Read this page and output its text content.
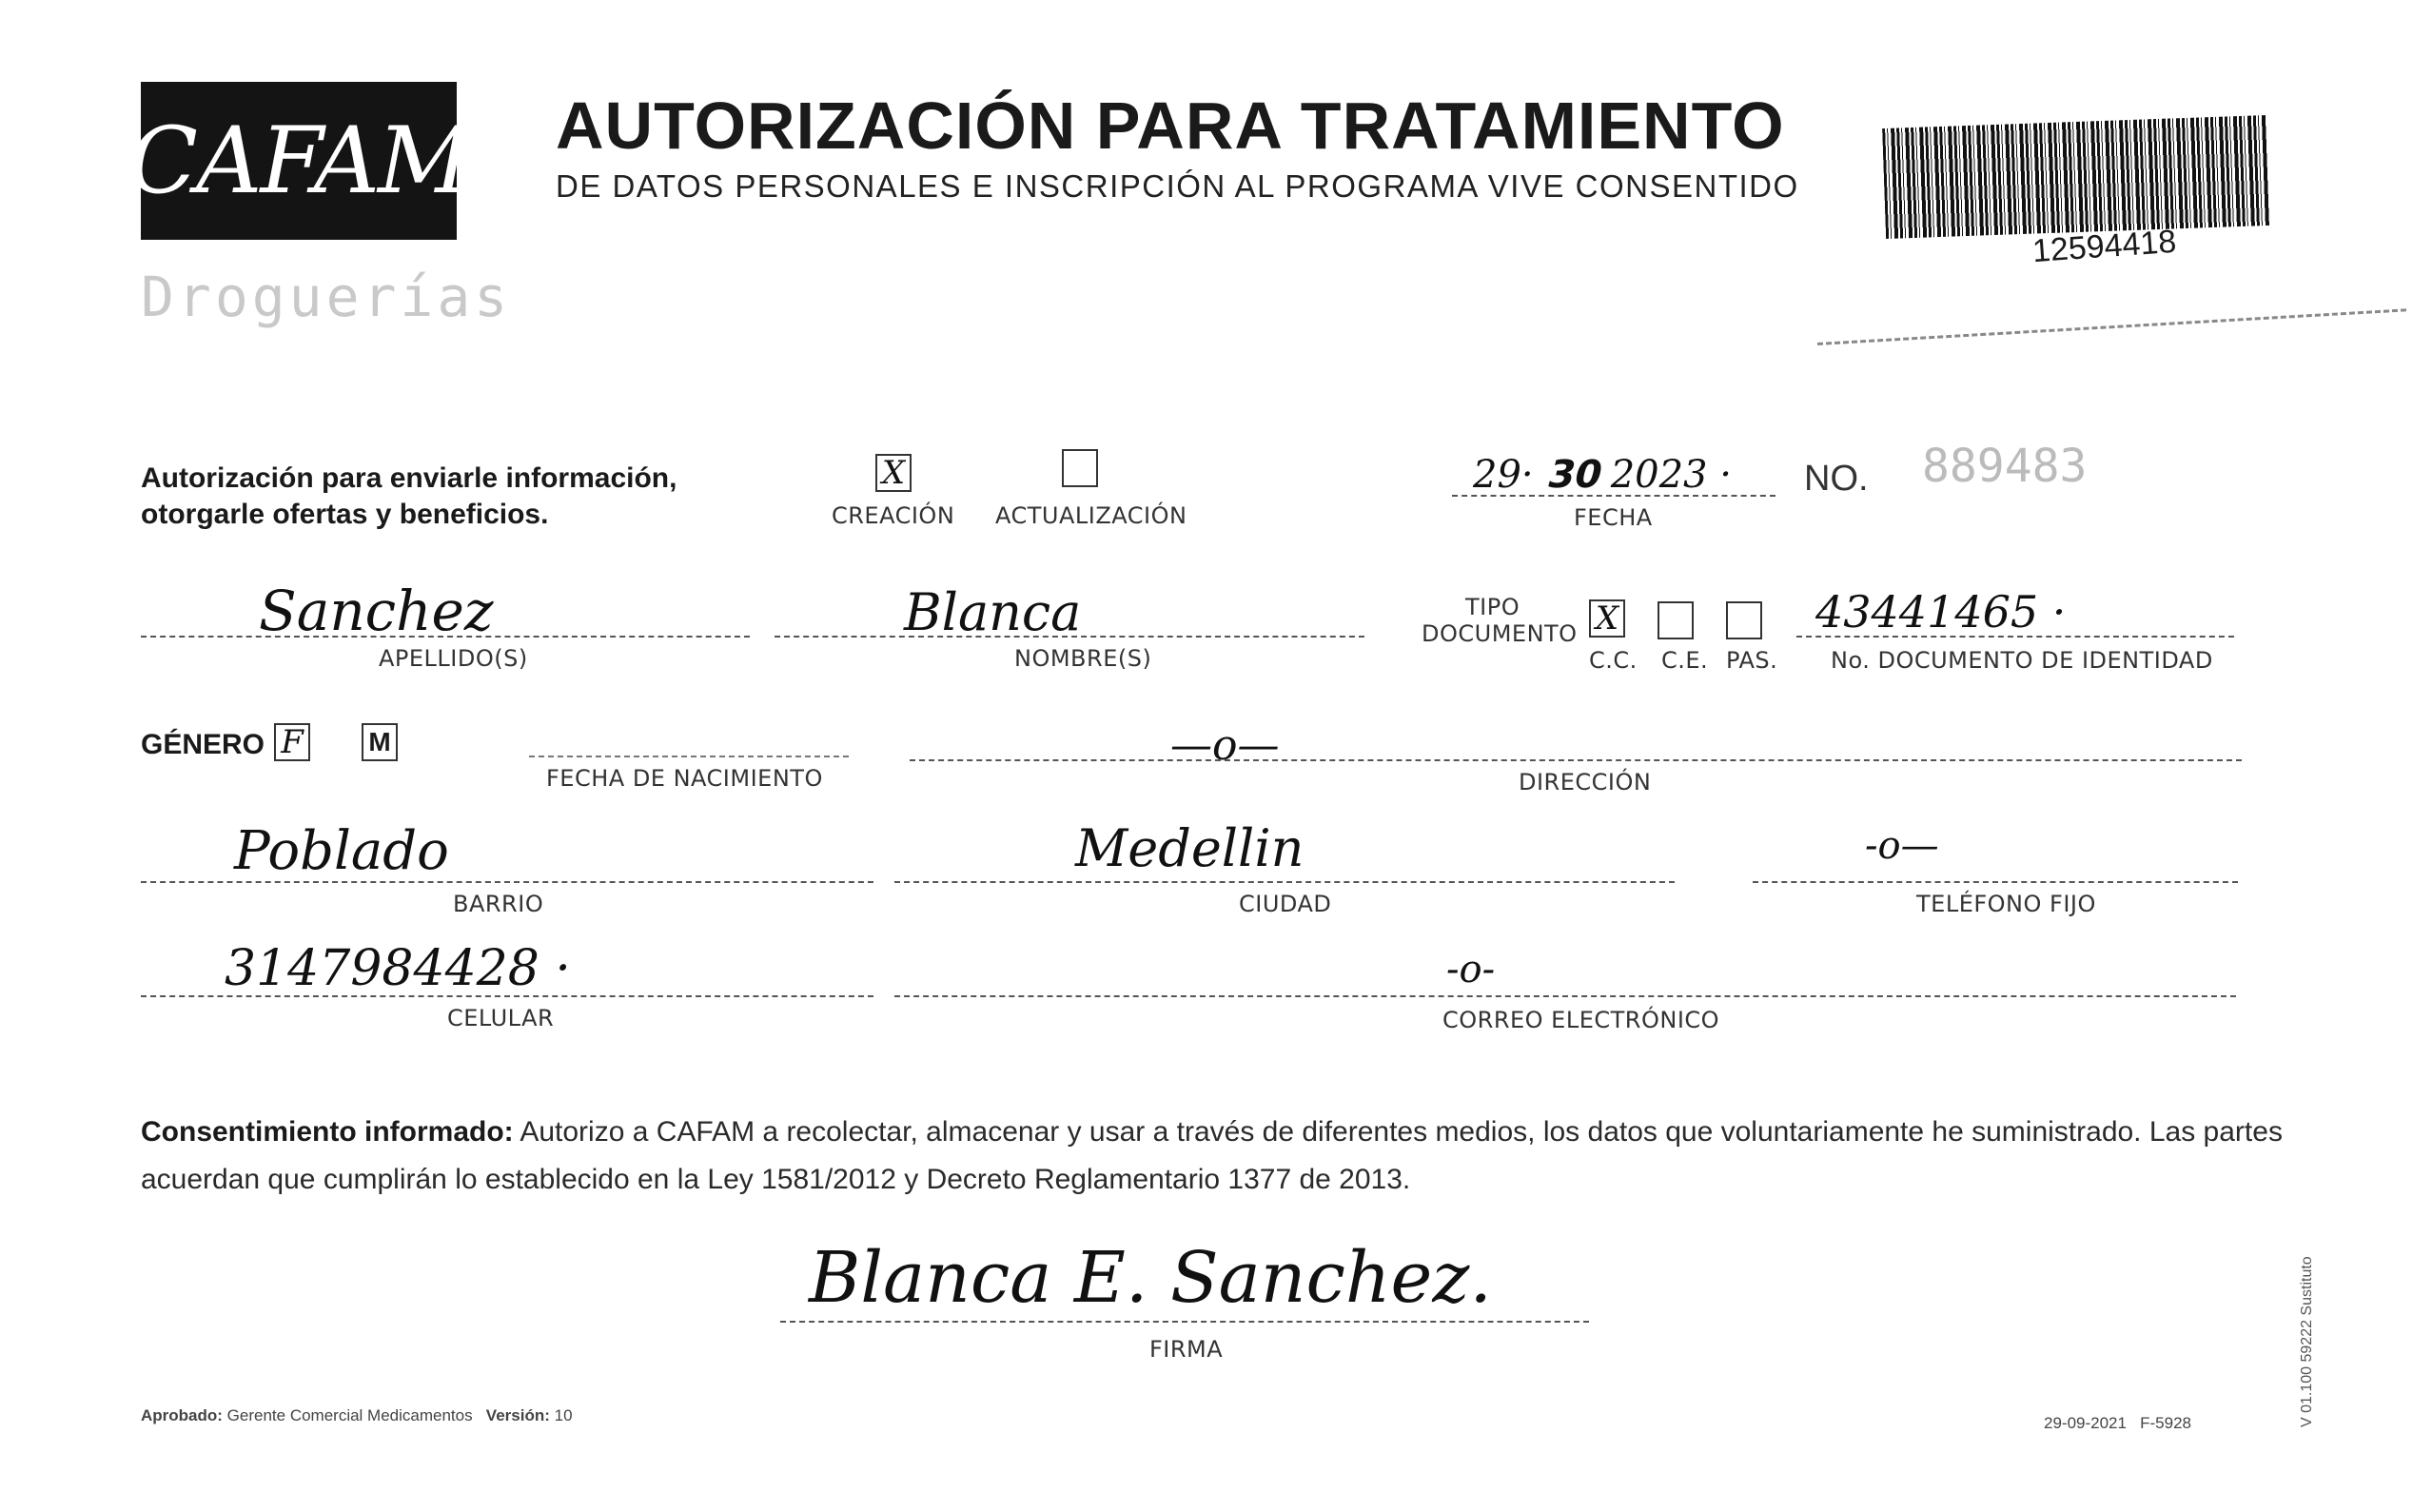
CAFAM
Droguerías
AUTORIZACIÓN PARA TRATAMIENTO
DE DATOS PERSONALES E INSCRIPCIÓN AL PROGRAMA VIVE CONSENTIDO
12594418
Autorización para enviarle información,
otorgarle ofertas y beneficios.
X
CREACIÓN ACTUALIZACIÓN
29· 𝟯𝟬 2023 ·
FECHA
NO. 889483
Sanchez
APELLIDO(S)
Blanca
NOMBRE(S)
TIPO
DOCUMENTO X
C.C. C.E. PAS.
43441465 ·
No. DOCUMENTO DE IDENTIDAD
GÉNERO F M
FECHA DE NACIMIENTO
—o—
DIRECCIÓN
Poblado
BARRIO
Medellin
CIUDAD
-o—
TELÉFONO FIJO
3147984428 ·
CELULAR
-o-
CORREO ELECTRÓNICO
Consentimiento informado: Autorizo a CAFAM a recolectar, almacenar y usar a través de diferentes medios, los datos que voluntariamente he suministrado. Las partes acuerdan que cumplirán lo establecido en la Ley 1581/2012 y Decreto Reglamentario 1377 de 2013.
Blanca E. Sanchez.
FIRMA
Aprobado: Gerente Comercial Medicamentos Versión: 10	29-09-2021 F-5928	V 01.100 59222 Sustituto
